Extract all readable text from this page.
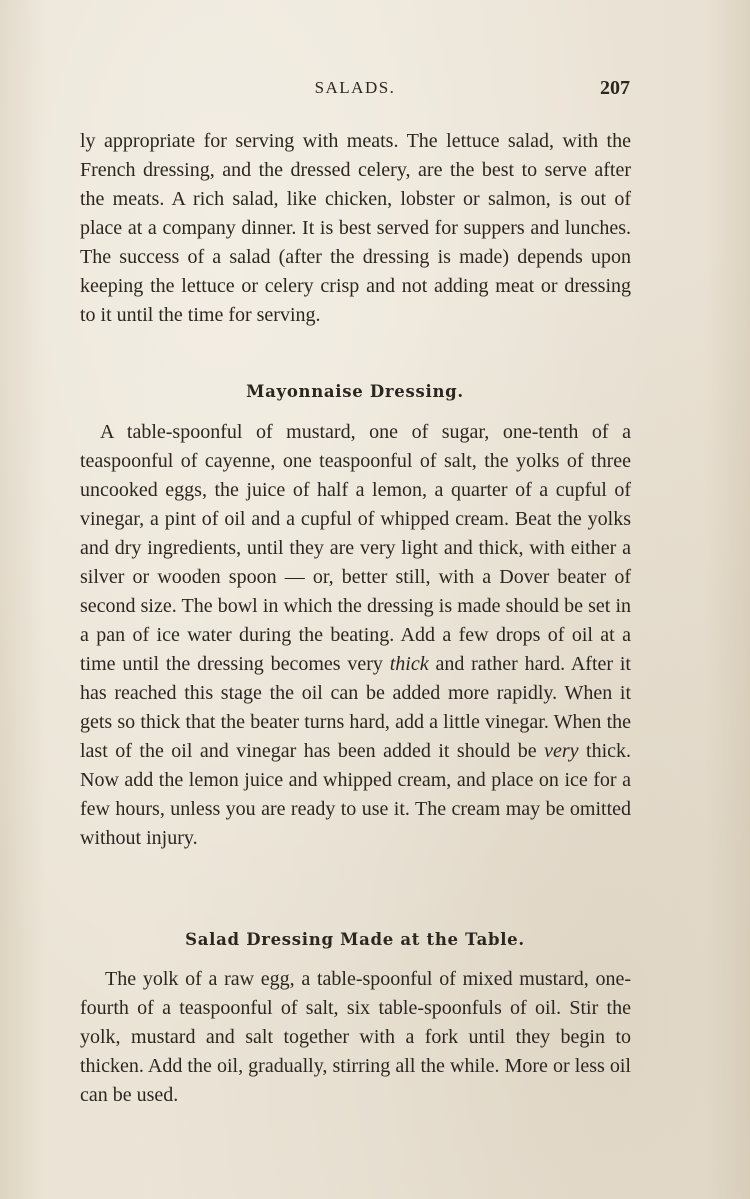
SALADS.	207

ly appropriate for serving with meats. The lettuce salad, with the French dressing, and the dressed celery, are the best to serve after the meats. A rich salad, like chicken, lobster or salmon, is out of place at a company dinner. It is best served for suppers and lunches. The success of a salad (after the dressing is made) depends upon keeping the lettuce or celery crisp and not adding meat or dressing to it until the time for serving.

Mayonnaise Dressing.

A table-spoonful of mustard, one of sugar, one-tenth of a teaspoonful of cayenne, one teaspoonful of salt, the yolks of three uncooked eggs, the juice of half a lemon, a quarter of a cupful of vinegar, a pint of oil and a cupful of whipped cream. Beat the yolks and dry ingredients, until they are very light and thick, with either a silver or wooden spoon — or, better still, with a Dover beater of second size. The bowl in which the dressing is made should be set in a pan of ice water during the beating. Add a few drops of oil at a time until the dressing becomes very thick and rather hard. After it has reached this stage the oil can be added more rapidly. When it gets so thick that the beater turns hard, add a little vinegar. When the last of the oil and vinegar has been added it should be very thick. Now add the lemon juice and whipped cream, and place on ice for a few hours, unless you are ready to use it. The cream may be omitted without injury.

Salad Dressing Made at the Table.

The yolk of a raw egg, a table-spoonful of mixed mustard, one-fourth of a teaspoonful of salt, six table-spoonfuls of oil. Stir the yolk, mustard and salt together with a fork until they begin to thicken. Add the oil, gradually, stirring all the while. More or less oil can be used.
